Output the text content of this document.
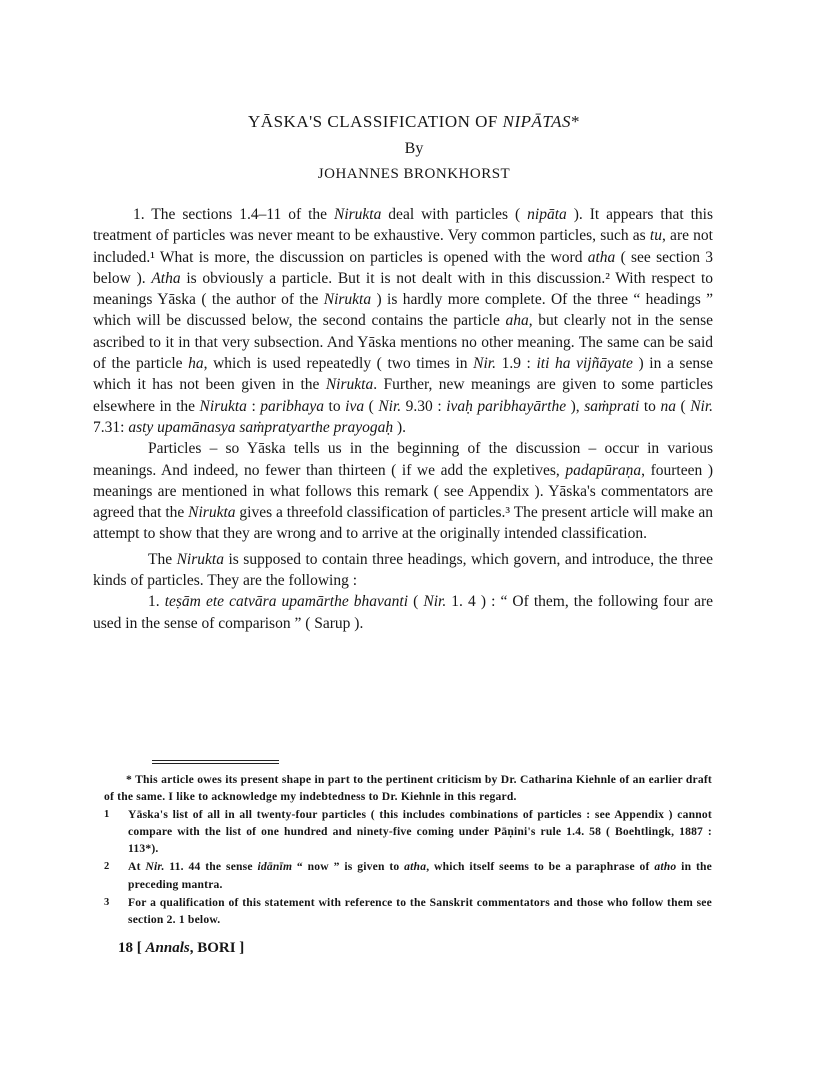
YĀSKA'S CLASSIFICATION OF NIPĀTAS*
By
JOHANNES BRONKHORST

1. The sections 1.4–11 of the Nirukta deal with particles ( nipāta ). It appears that this treatment of particles was never meant to be exhaustive. Very common particles, such as tu, are not included.¹ What is more, the discussion on particles is opened with the word atha ( see section 3 below ). Atha is obviously a particle. But it is not dealt with in this discussion.² With respect to meanings Yāska ( the author of the Nirukta ) is hardly more complete. Of the three “ headings ” which will be discussed below, the second contains the particle aha, but clearly not in the sense ascribed to it in that very subsection. And Yāska mentions no other meaning. The same can be said of the particle ha, which is used repeatedly ( two times in Nir. 1.9 : iti ha vijñāyate ) in a sense which it has not been given in the Nirukta. Further, new meanings are given to some particles elsewhere in the Nirukta : paribhaya to iva ( Nir. 9.30 : ivaḥ paribhayārthe ), saṁprati to na ( Nir. 7.31: asty upamānasya saṁpratyarthe prayogaḥ ).

Particles – so Yāska tells us in the beginning of the discussion – occur in various meanings. And indeed, no fewer than thirteen ( if we add the expletives, padapūraṇa, fourteen ) meanings are mentioned in what follows this remark ( see Appendix ). Yāska's commentators are agreed that the Nirukta gives a threefold classification of particles.³ The present article will make an attempt to show that they are wrong and to arrive at the originally intended classification.

The Nirukta is supposed to contain three headings, which govern, and introduce, the three kinds of particles. They are the following :

1. teṣām ete catvāra upamārthe bhavanti ( Nir. 1. 4 ) : “ Of them, the following four are used in the sense of comparison ” ( Sarup ).

* This article owes its present shape in part to the pertinent criticism by Dr. Catharina Kiehnle of an earlier draft of the same. I like to acknowledge my indebtedness to Dr. Kiehnle in this regard.
1 Yāska's list of all in all twenty-four particles ( this includes combinations of particles : see Appendix ) cannot compare with the list of one hundred and ninety-five coming under Pāṇini's rule 1.4. 58 ( Boehtlingk, 1887 : 113*).
2 At Nir. 11. 44 the sense idānīm “ now ” is given to atha, which itself seems to be a paraphrase of atho in the preceding mantra.
3 For a qualification of this statement with reference to the Sanskrit commentators and those who follow them see section 2. 1 below.
18 [ Annals, BORI ]
